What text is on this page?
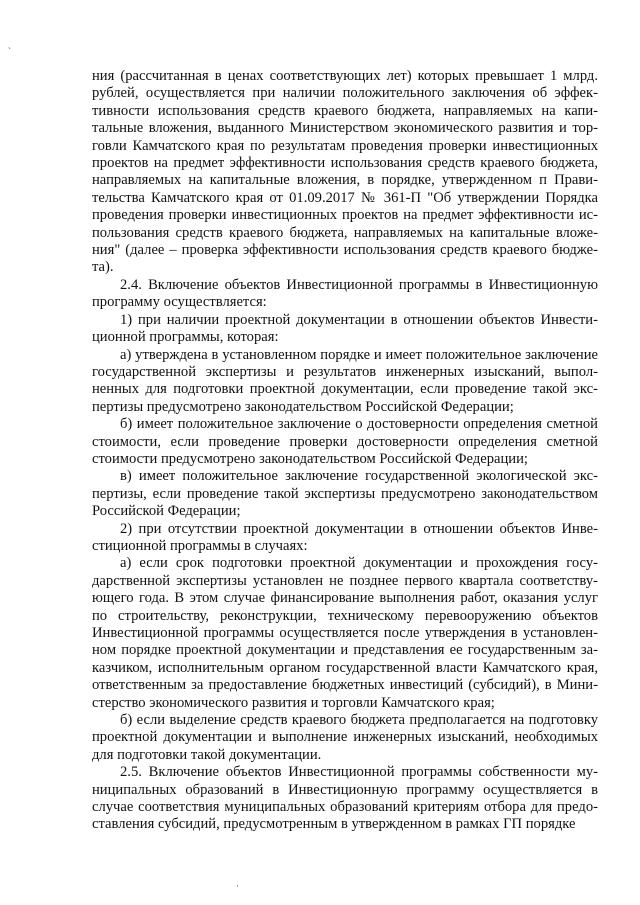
`

ния (рассчитанная в ценах соответствующих лет) которых превышает 1 млрд. рублей, осуществляется при наличии положительного заключения об эффективности использования средств краевого бюджета, направляемых на капитальные вложения, выданного Министерством экономического развития и торговли Камчатского края по результатам проведения проверки инвестиционных проектов на предмет эффективности использования средств краевого бюджета, направляемых на капитальные вложения, в порядке, утвержденном п Правительства Камчатского края от 01.09.2017 № 361-П "Об утверждении Порядка проведения проверки инвестиционных проектов на предмет эффективности использования средств краевого бюджета, направляемых на капитальные вложения" (далее – проверка эффективности использования средств краевого бюджета).

2.4. Включение объектов Инвестиционной программы в Инвестиционную программу осуществляется:

1) при наличии проектной документации в отношении объектов Инвестиционной программы, которая:

а) утверждена в установленном порядке и имеет положительное заключение государственной экспертизы и результатов инженерных изысканий, выполненных для подготовки проектной документации, если проведение такой экспертизы предусмотрено законодательством Российской Федерации;

б) имеет положительное заключение о достоверности определения сметной стоимости, если проведение проверки достоверности определения сметной стоимости предусмотрено законодательством Российской Федерации;

в) имеет положительное заключение государственной экологической экспертизы, если проведение такой экспертизы предусмотрено законодательством Российской Федерации;

2) при отсутствии проектной документации в отношении объектов Инвестиционной программы в случаях:

а) если срок подготовки проектной документации и прохождения государственной экспертизы установлен не позднее первого квартала соответствующего года. В этом случае финансирование выполнения работ, оказания услуг по строительству, реконструкции, техническому перевооружению объектов Инвестиционной программы осуществляется после утверждения в установленном порядке проектной документации и представления ее государственным заказчиком, исполнительным органом государственной власти Камчатского края, ответственным за предоставление бюджетных инвестиций (субсидий), в Министерство экономического развития и торговли Камчатского края;

б) если выделение средств краевого бюджета предполагается на подготовку проектной документации и выполнение инженерных изысканий, необходимых для подготовки такой документации.

2.5. Включение объектов Инвестиционной программы собственности муниципальных образований в Инвестиционную программу осуществляется в случае соответствия муниципальных образований критериям отбора для предоставления субсидий, предусмотренным в утвержденном в рамках ГП порядке

·
